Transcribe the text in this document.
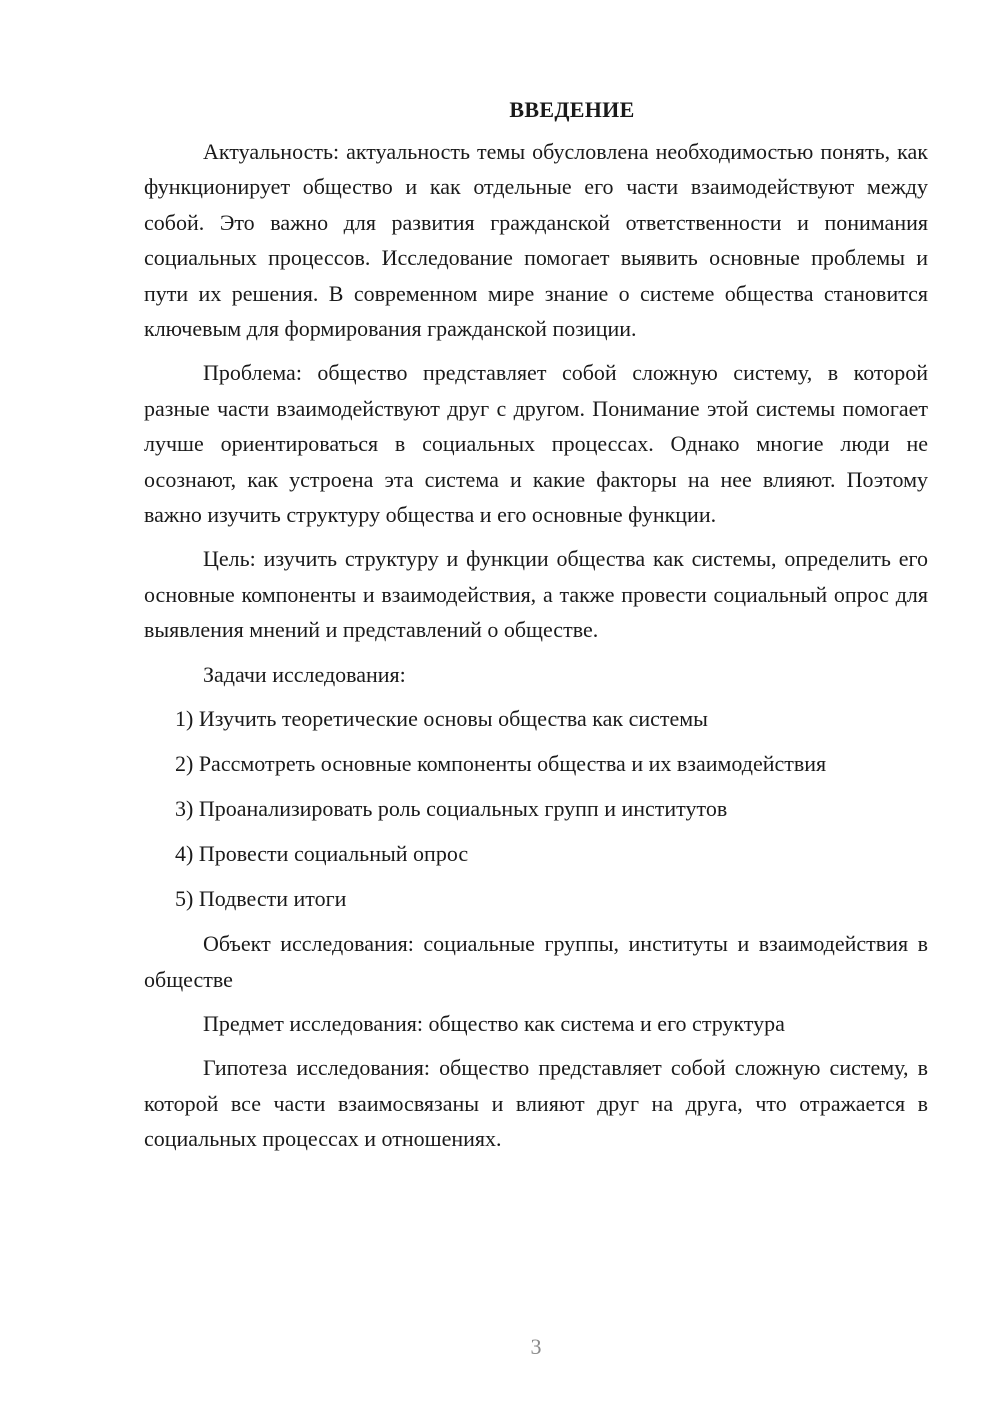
ВВЕДЕНИЕ

Актуальность: актуальность темы обусловлена необходимостью понять, как функционирует общество и как отдельные его части взаимодействуют между собой. Это важно для развития гражданской ответственности и понимания социальных процессов. Исследование помогает выявить основные проблемы и пути их решения. В современном мире знание о системе общества становится ключевым для формирования гражданской позиции.

Проблема: общество представляет собой сложную систему, в которой разные части взаимодействуют друг с другом. Понимание этой системы помогает лучше ориентироваться в социальных процессах. Однако многие люди не осознают, как устроена эта система и какие факторы на нее влияют. Поэтому важно изучить структуру общества и его основные функции.

Цель: изучить структуру и функции общества как системы, определить его основные компоненты и взаимодействия, а также провести социальный опрос для выявления мнений и представлений о обществе.

Задачи исследования:

1) Изучить теоретические основы общества как системы
2) Рассмотреть основные компоненты общества и их взаимодействия
3) Проанализировать роль социальных групп и институтов
4) Провести социальный опрос
5) Подвести итоги

Объект исследования: социальные группы, институты и взаимодействия в обществе

Предмет исследования: общество как система и его структура

Гипотеза исследования: общество представляет собой сложную систему, в которой все части взаимосвязаны и влияют друг на друга, что отражается в социальных процессах и отношениях.

3
